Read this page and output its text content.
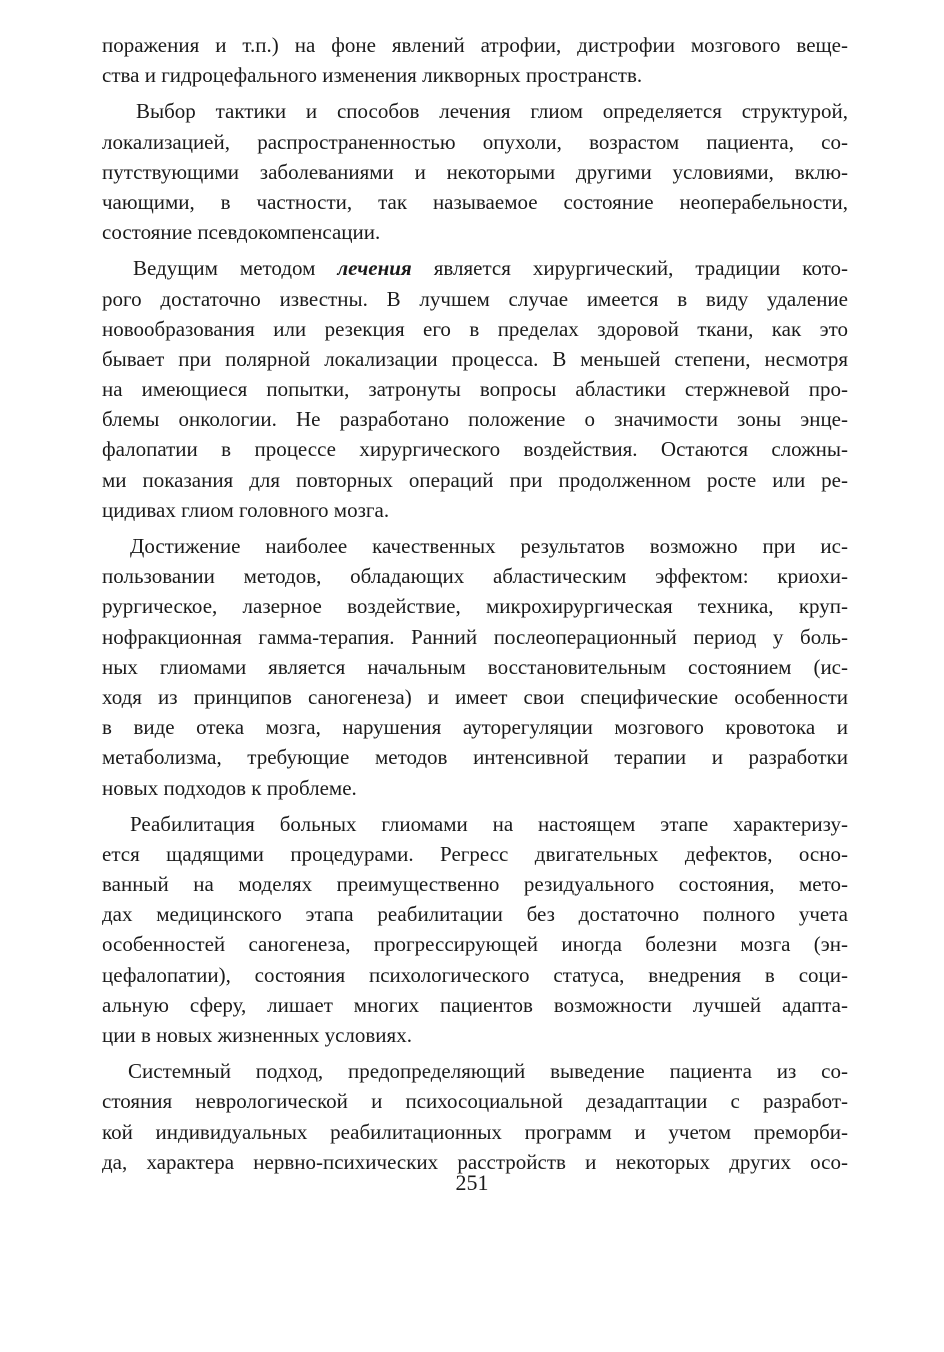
поражения и т.п.) на фоне явлений атрофии, дистрофии мозгового веще-
ства и гидроцефального изменения ликворных пространств.
Выбор тактики и способов лечения глиом определяется структурой,
локализацией, распространенностью опухоли, возрастом пациента, со-
путствующими заболеваниями и некоторыми другими условиями, вклю-
чающими, в частности, так называемое состояние неоперабельности,
состояние псевдокомпенсации.
Ведущим методом лечения является хирургический, традиции кото-
рого достаточно известны. В лучшем случае имеется в виду удаление
новообразования или резекция его в пределах здоровой ткани, как это
бывает при полярной локализации процесса. В меньшей степени, несмотря
на имеющиеся попытки, затронуты вопросы абластики стержневой про-
блемы онкологии. Не разработано положение о значимости зоны энце-
фалопатии в процессе хирургического воздействия. Остаются сложны-
ми показания для повторных операций при продолженном росте или ре-
цидивах глиом головного мозга.
Достижение наиболее качественных результатов возможно при ис-
пользовании методов, обладающих абластическим эффектом: криохи-
рургическое, лазерное воздействие, микрохирургическая техника, круп-
нофракционная гамма-терапия. Ранний послеоперационный период у боль-
ных глиомами является начальным восстановительным состоянием (ис-
ходя из принципов саногенеза) и имеет свои специфические особенности
в виде отека мозга, нарушения ауторегуляции мозгового кровотока и
метаболизма, требующие методов интенсивной терапии и разработки
новых подходов к проблеме.
Реабилитация больных глиомами на настоящем этапе характеризу-
ется щадящими процедурами. Регресс двигательных дефектов, осно-
ванный на моделях преимущественно резидуального состояния, мето-
дах медицинского этапа реабилитации без достаточно полного учета
особенностей саногенеза, прогрессирующей иногда болезни мозга (эн-
цефалопатии), состояния психологического статуса, внедрения в соци-
альную сферу, лишает многих пациентов возможности лучшей адапта-
ции в новых жизненных условиях.
Системный подход, предопределяющий выведение пациента из со-
стояния неврологической и психосоциальной дезадаптации с разработ-
кой индивидуальных реабилитационных программ и учетом преморби-
да, характера нервно-психических расстройств и некоторых других осо-
251
